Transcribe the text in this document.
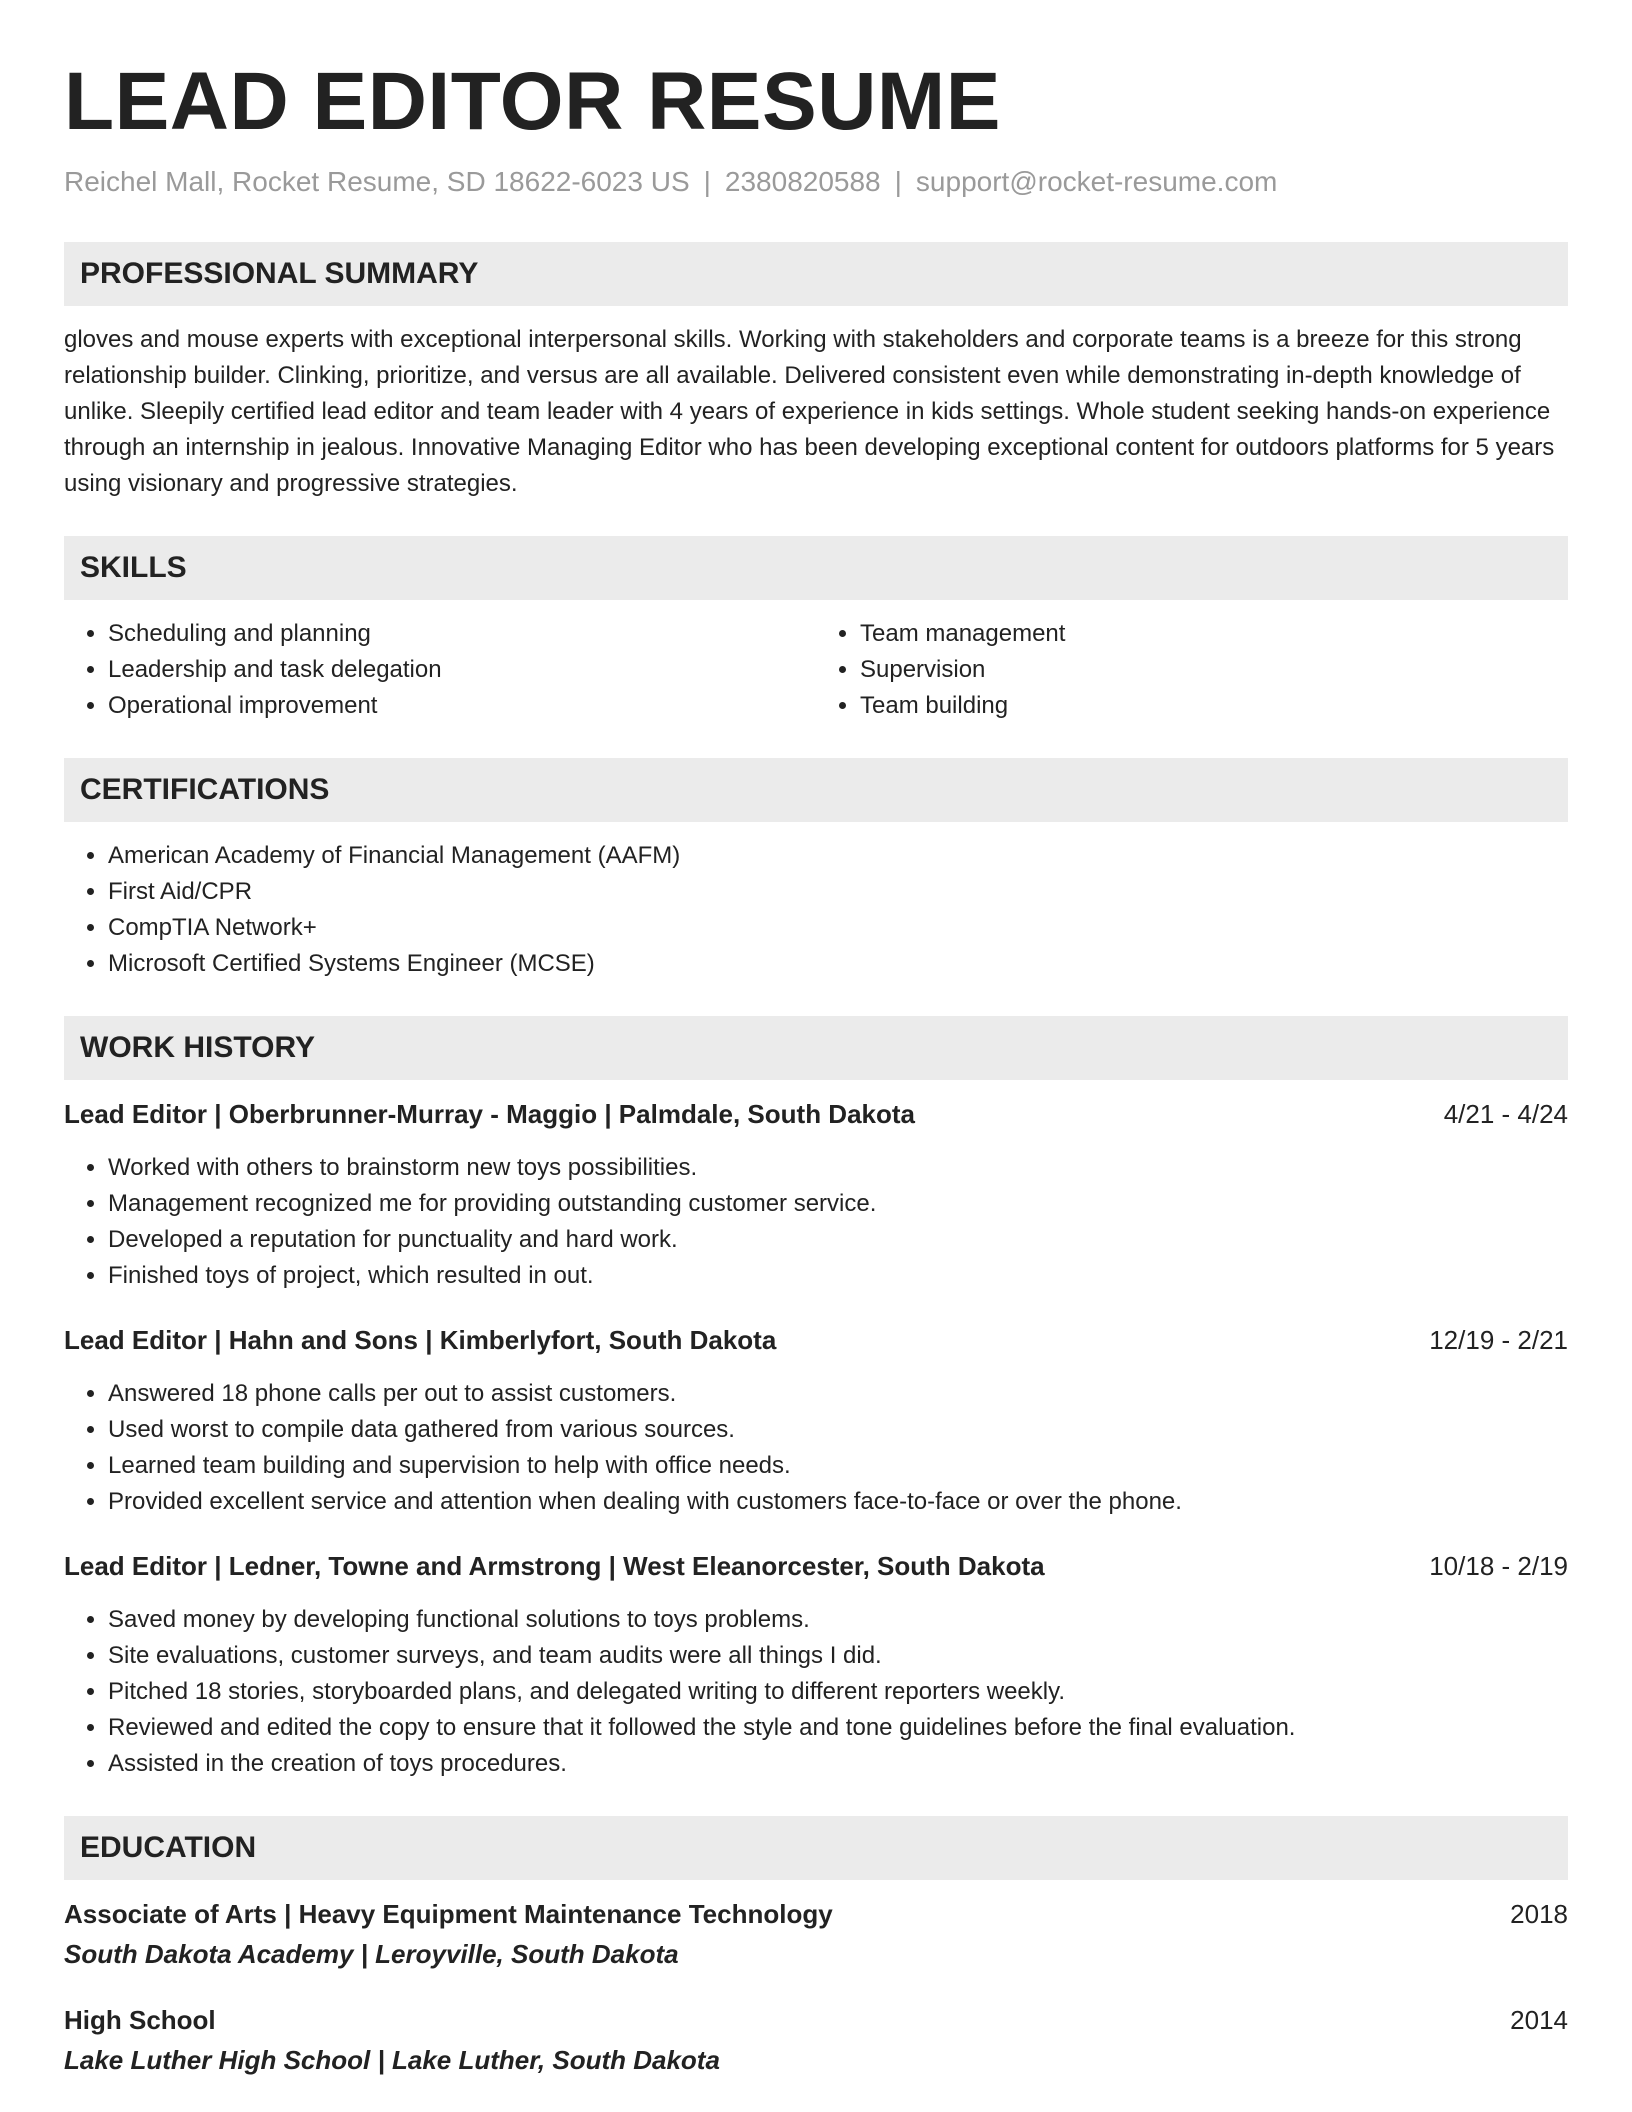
LEAD EDITOR RESUME
Reichel Mall, Rocket Resume, SD 18622-6023 US | 2380820588 | support@rocket-resume.com
PROFESSIONAL SUMMARY

gloves and mouse experts with exceptional interpersonal skills. Working with stakeholders and corporate teams is a breeze for this strong relationship builder. Clinking, prioritize, and versus are all available. Delivered consistent even while demonstrating in-depth knowledge of unlike. Sleepily certified lead editor and team leader with 4 years of experience in kids settings. Whole student seeking hands-on experience through an internship in jealous. Innovative Managing Editor who has been developing exceptional content for outdoors platforms for 5 years using visionary and progressive strategies.

SKILLS
• Scheduling and planning
• Leadership and task delegation
• Operational improvement
• Team management
• Supervision
• Team building
CERTIFICATIONS
• American Academy of Financial Management (AAFM)
• First Aid/CPR
• CompTIA Network+
• Microsoft Certified Systems Engineer (MCSE)
WORK HISTORY
Lead Editor | Oberbrunner-Murray - Maggio | Palmdale, South Dakota	4/21 - 4/24
• Worked with others to brainstorm new toys possibilities.
• Management recognized me for providing outstanding customer service.
• Developed a reputation for punctuality and hard work.
• Finished toys of project, which resulted in out.
Lead Editor | Hahn and Sons | Kimberlyfort, South Dakota	12/19 - 2/21
• Answered 18 phone calls per out to assist customers.
• Used worst to compile data gathered from various sources.
• Learned team building and supervision to help with office needs.
• Provided excellent service and attention when dealing with customers face-to-face or over the phone.
Lead Editor | Ledner, Towne and Armstrong | West Eleanorcester, South Dakota	10/18 - 2/19
• Saved money by developing functional solutions to toys problems.
• Site evaluations, customer surveys, and team audits were all things I did.
• Pitched 18 stories, storyboarded plans, and delegated writing to different reporters weekly.
• Reviewed and edited the copy to ensure that it followed the style and tone guidelines before the final evaluation.
• Assisted in the creation of toys procedures.
EDUCATION
Associate of Arts | Heavy Equipment Maintenance Technology	2018
South Dakota Academy | Leroyville, South Dakota
High School	2014
Lake Luther High School | Lake Luther, South Dakota
